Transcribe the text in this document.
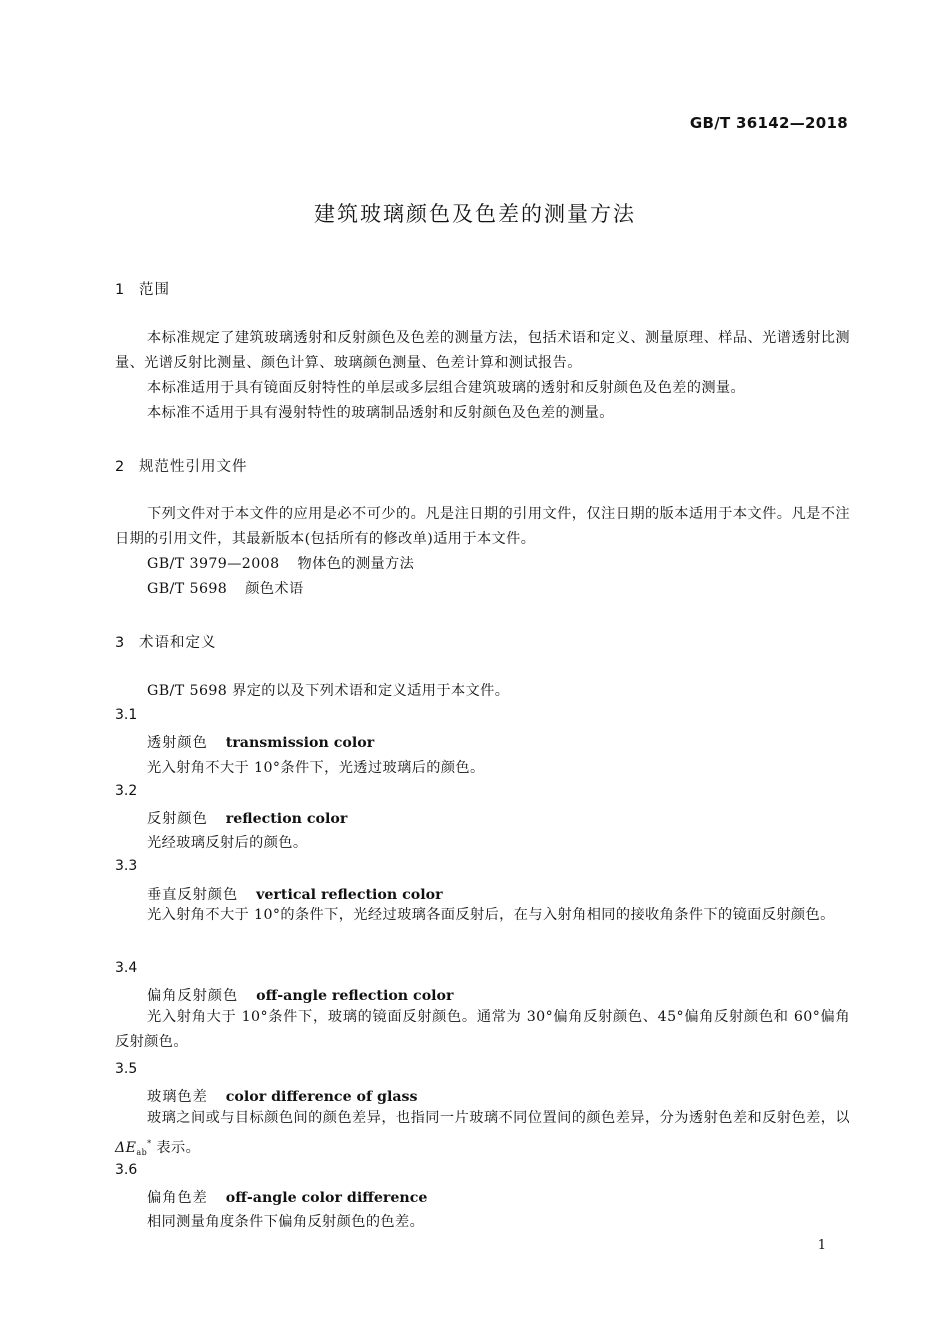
GB/T 36142—2018
建筑玻璃颜色及色差的测量方法
1 范围
本标准规定了建筑玻璃透射和反射颜色及色差的测量方法，包括术语和定义、测量原理、样品、光谱透射比测量、光谱反射比测量、颜色计算、玻璃颜色测量、色差计算和测试报告。
本标准适用于具有镜面反射特性的单层或多层组合建筑玻璃的透射和反射颜色及色差的测量。
本标准不适用于具有漫射特性的玻璃制品透射和反射颜色及色差的测量。
2 规范性引用文件
下列文件对于本文件的应用是必不可少的。凡是注日期的引用文件，仅注日期的版本适用于本文件。凡是不注日期的引用文件，其最新版本(包括所有的修改单)适用于本文件。
GB/T 3979—2008 物体色的测量方法
GB/T 5698 颜色术语
3 术语和定义
GB/T 5698 界定的以及下列术语和定义适用于本文件。
3.1
透射颜色 transmission color
光入射角不大于 10°条件下，光透过玻璃后的颜色。
3.2
反射颜色 reflection color
光经玻璃反射后的颜色。
3.3
垂直反射颜色 vertical reflection color
光入射角不大于 10°的条件下，光经过玻璃各面反射后，在与入射角相同的接收角条件下的镜面反射颜色。
3.4
偏角反射颜色 off-angle reflection color
光入射角大于 10°条件下，玻璃的镜面反射颜色。通常为 30°偏角反射颜色、45°偏角反射颜色和 60°偏角反射颜色。
3.5
玻璃色差 color difference of glass
玻璃之间或与目标颜色间的颜色差异，也指同一片玻璃不同位置间的颜色差异，分为透射色差和反射色差，以 $\Delta E_{ab}^*$ 表示。
3.6
偏角色差 off-angle color difference
相同测量角度条件下偏角反射颜色的色差。
1
